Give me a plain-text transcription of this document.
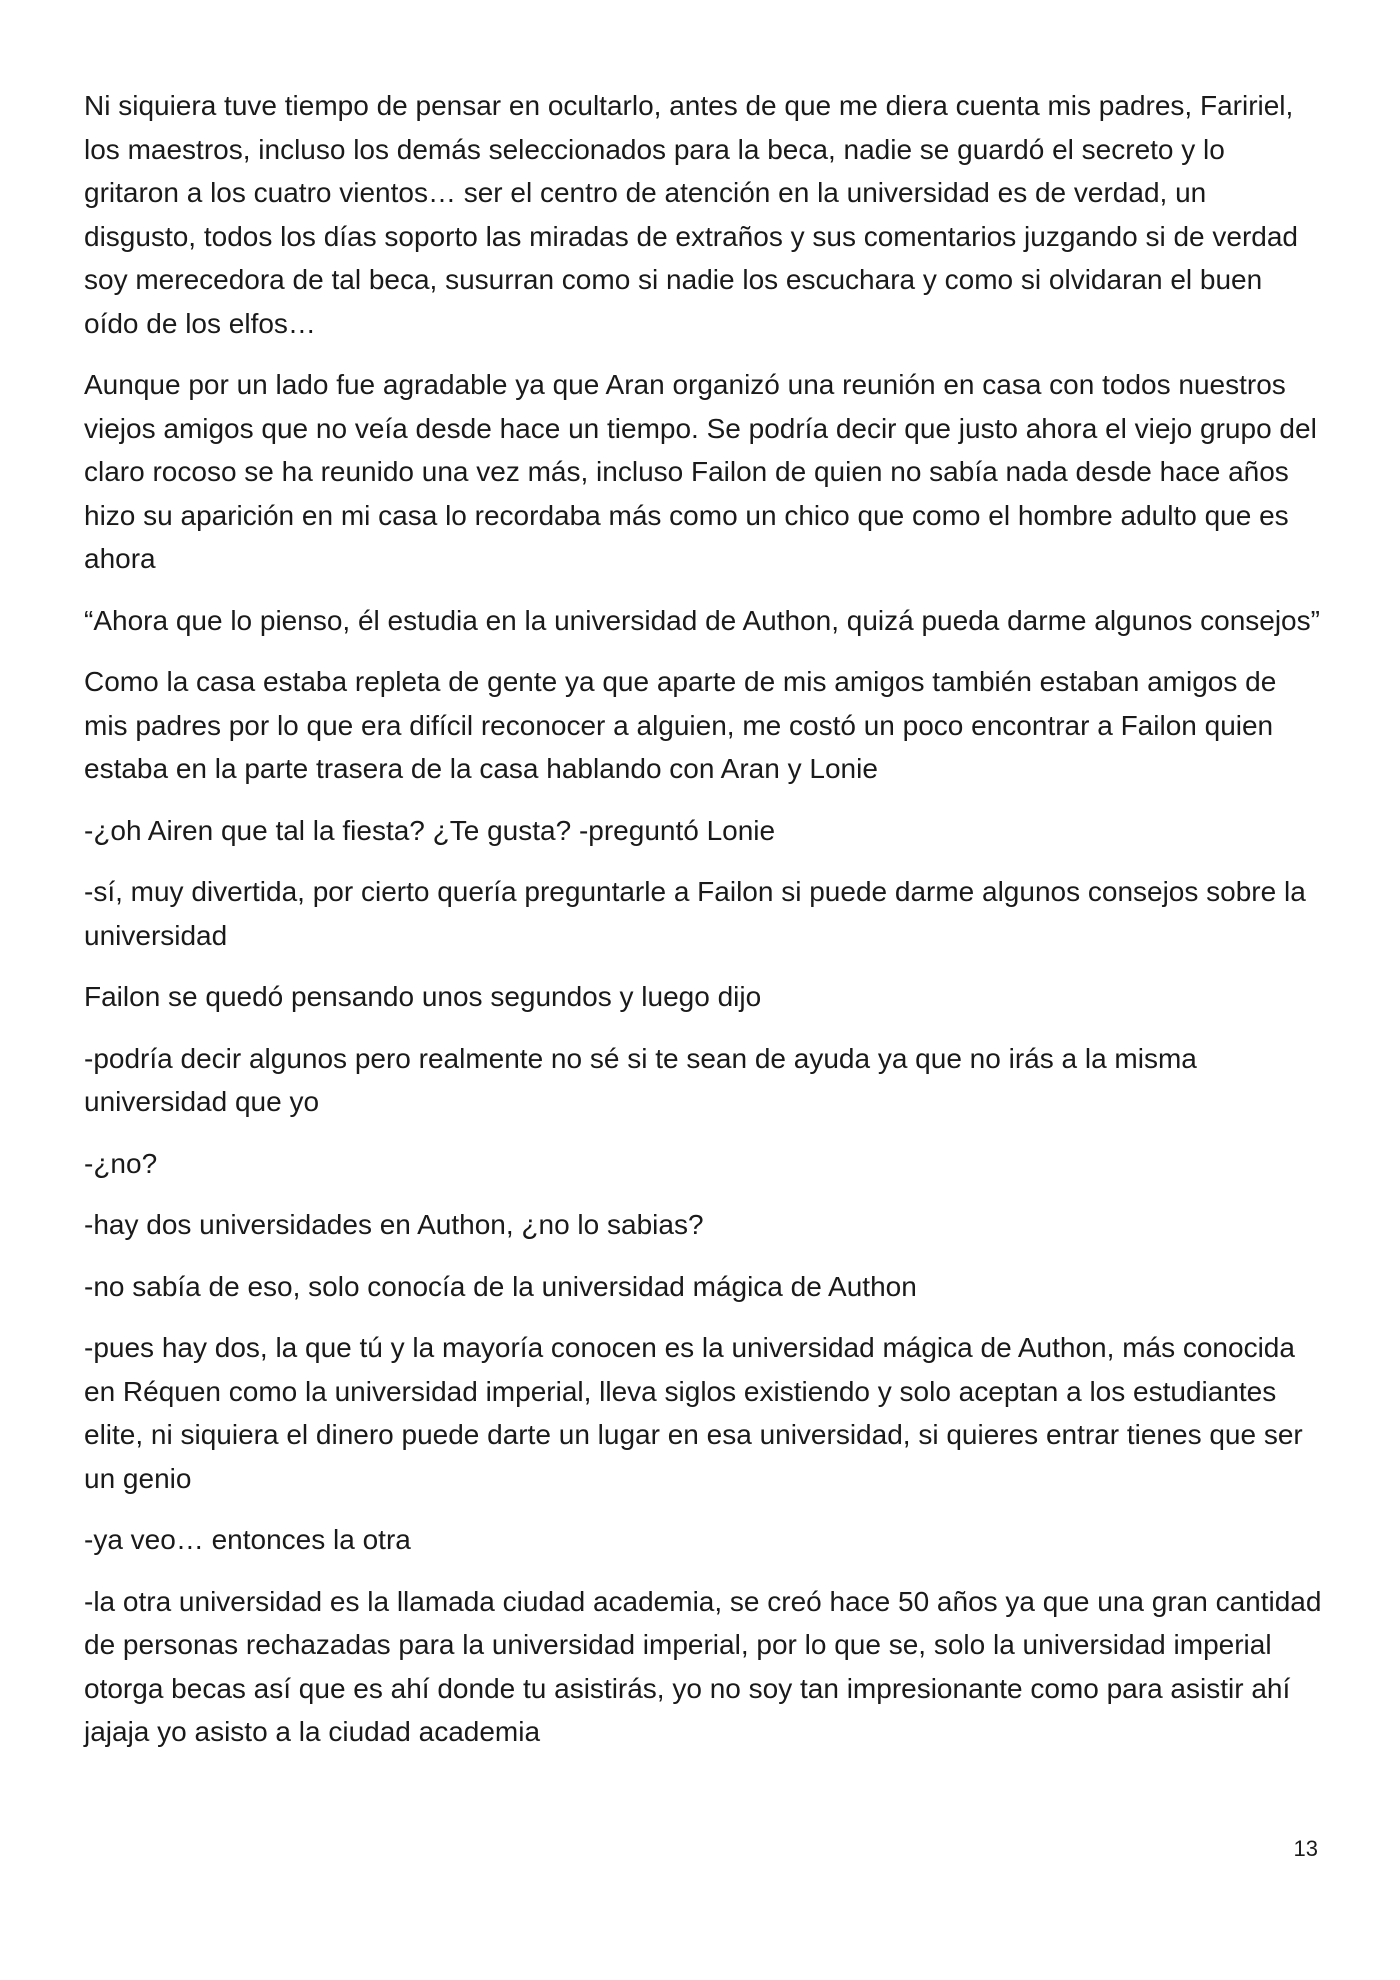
Ni siquiera tuve tiempo de pensar en ocultarlo, antes de que me diera cuenta mis padres, Faririel, los maestros, incluso los demás seleccionados para la beca, nadie se guardó el secreto y lo gritaron a los cuatro vientos… ser el centro de atención en la universidad es de verdad, un disgusto, todos los días soporto las miradas de extraños y sus comentarios juzgando si de verdad soy merecedora de tal beca, susurran como si nadie los escuchara y como si olvidaran el buen oído de los elfos…

Aunque por un lado fue agradable ya que Aran organizó una reunión en casa con todos nuestros viejos amigos que no veía desde hace un tiempo. Se podría decir que justo ahora el viejo grupo del claro rocoso se ha reunido una vez más, incluso Failon de quien no sabía nada desde hace años hizo su aparición en mi casa lo recordaba más como un chico que como el hombre adulto que es ahora

“Ahora que lo pienso, él estudia en la universidad de Authon, quizá pueda darme algunos consejos”

Como la casa estaba repleta de gente ya que aparte de mis amigos también estaban amigos de mis padres por lo que era difícil reconocer a alguien, me costó un poco encontrar a Failon quien estaba en la parte trasera de la casa hablando con Aran y Lonie

-¿oh Airen que tal la fiesta? ¿Te gusta? -preguntó Lonie

-sí, muy divertida, por cierto quería preguntarle a Failon si puede darme algunos consejos sobre la universidad

Failon se quedó pensando unos segundos y luego dijo

-podría decir algunos pero realmente no sé si te sean de ayuda ya que no irás a la misma universidad que yo

-¿no?

-hay dos universidades en Authon, ¿no lo sabias?

-no sabía de eso, solo conocía de la universidad mágica de Authon

-pues hay dos, la que tú y la mayoría conocen es la universidad mágica de Authon, más conocida en Réquen como la universidad imperial, lleva siglos existiendo y solo aceptan a los estudiantes elite, ni siquiera el dinero puede darte un lugar en esa universidad, si quieres entrar tienes que ser un genio

-ya veo… entonces la otra

-la otra universidad es la llamada ciudad academia, se creó hace 50 años ya que una gran cantidad de personas rechazadas para la universidad imperial, por lo que se, solo la universidad imperial otorga becas así que es ahí donde tu asistirás, yo no soy tan impresionante como para asistir ahí jajaja yo asisto a la ciudad academia

13
